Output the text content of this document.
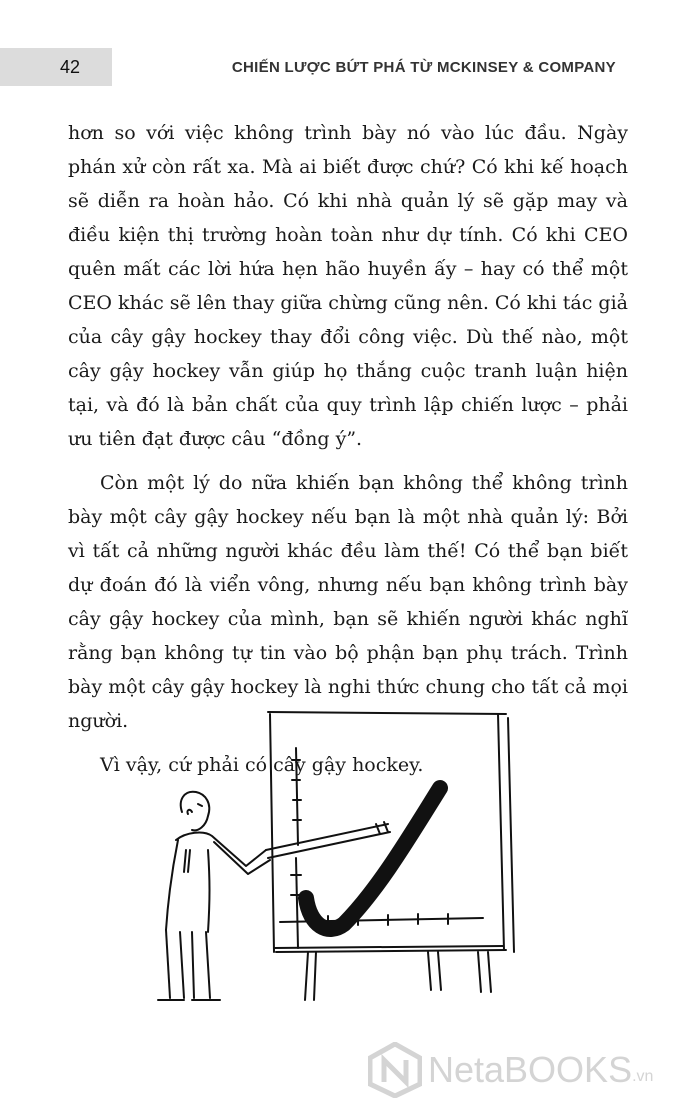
42	CHIẾN LƯỢC BỨT PHÁ TỪ MCKINSEY & COMPANY

hơn so với việc không trình bày nó vào lúc đầu. Ngày phán xử còn rất xa. Mà ai biết được chứ? Có khi kế hoạch sẽ diễn ra hoàn hảo. Có khi nhà quản lý sẽ gặp may và điều kiện thị trường hoàn toàn như dự tính. Có khi CEO quên mất các lời hứa hẹn hão huyền ấy – hay có thể một CEO khác sẽ lên thay giữa chừng cũng nên. Có khi tác giả của cây gậy hockey thay đổi công việc. Dù thế nào, một cây gậy hockey vẫn giúp họ thắng cuộc tranh luận hiện tại, và đó là bản chất của quy trình lập chiến lược – phải ưu tiên đạt được câu “đồng ý”.

Còn một lý do nữa khiến bạn không thể không trình bày một cây gậy hockey nếu bạn là một nhà quản lý: Bởi vì tất cả những người khác đều làm thế! Có thể bạn biết dự đoán đó là viển vông, nhưng nếu bạn không trình bày cây gậy hockey của mình, bạn sẽ khiến người khác nghĩ rằng bạn không tự tin vào bộ phận bạn phụ trách. Trình bày một cây gậy hockey là nghi thức chung cho tất cả mọi người.

Vì vậy, cứ phải có cây gậy hockey.

NetaBOOKS .vn
